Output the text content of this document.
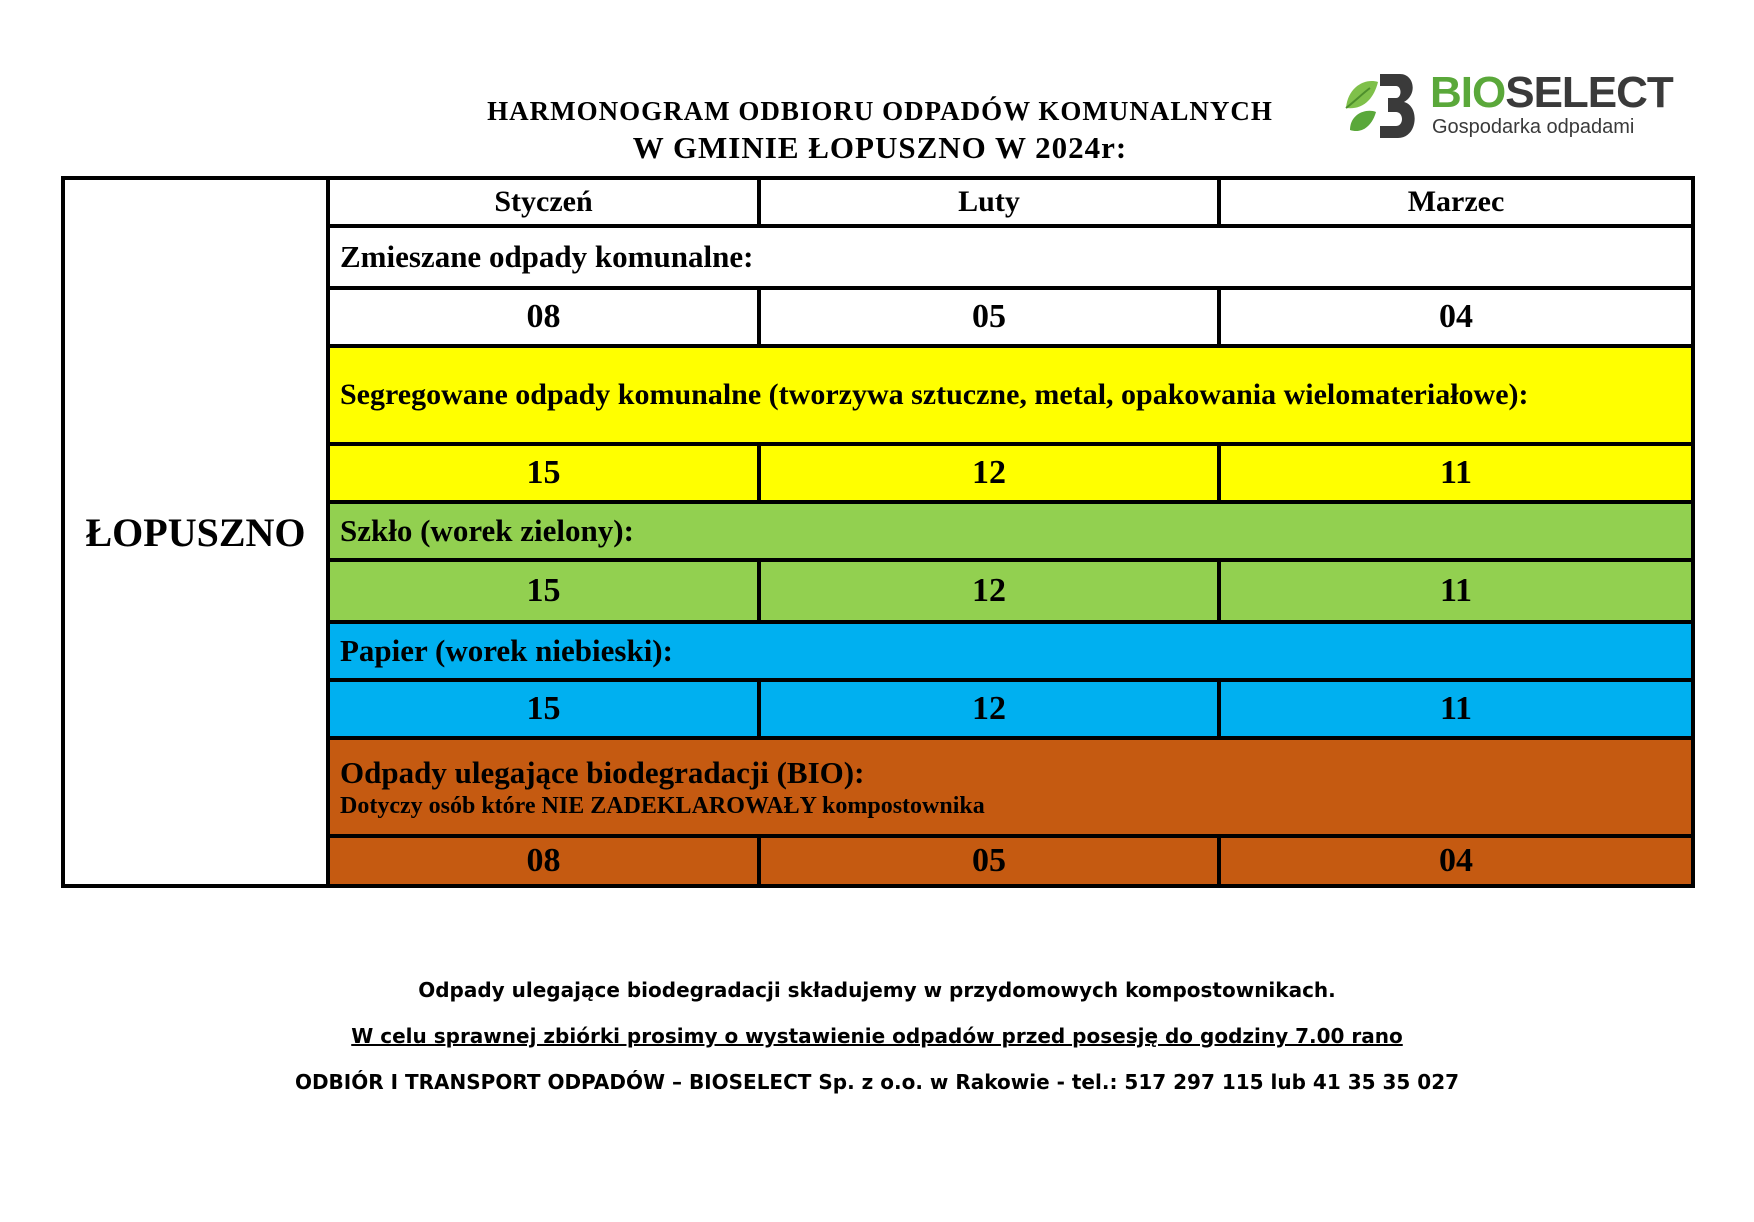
HARMONOGRAM ODBIORU ODPADÓW KOMUNALNYCH
W GMINIE ŁOPUSZNO W 2024r:
BIOSELECT
Gospodarka odpadami
ŁOPUSZNO	Styczeń	Luty	Marzec
	Zmieszane odpady komunalne:		
	08	05	04
	Segregowane odpady komunalne (tworzywa sztuczne, metal, opakowania wielomateriałowe):		
	15	12	11
	Szkło (worek zielony):		
	15	12	11
	Papier (worek niebieski):		
	15	12	11
	Odpady ulegające biodegradacji (BIO):
Dotyczy osób które NIE ZADEKLAROWAŁY kompostownika		

	08	05	04
Odpady ulegające biodegradacji składujemy w przydomowych kompostownikach.
W celu sprawnej zbiórki prosimy o wystawienie odpadów przed posesję do godziny 7.00 rano
ODBIÓR I TRANSPORT ODPADÓW – BIOSELECT Sp. z o.o. w Rakowie - tel.: 517 297 115 lub 41 35 35 027
